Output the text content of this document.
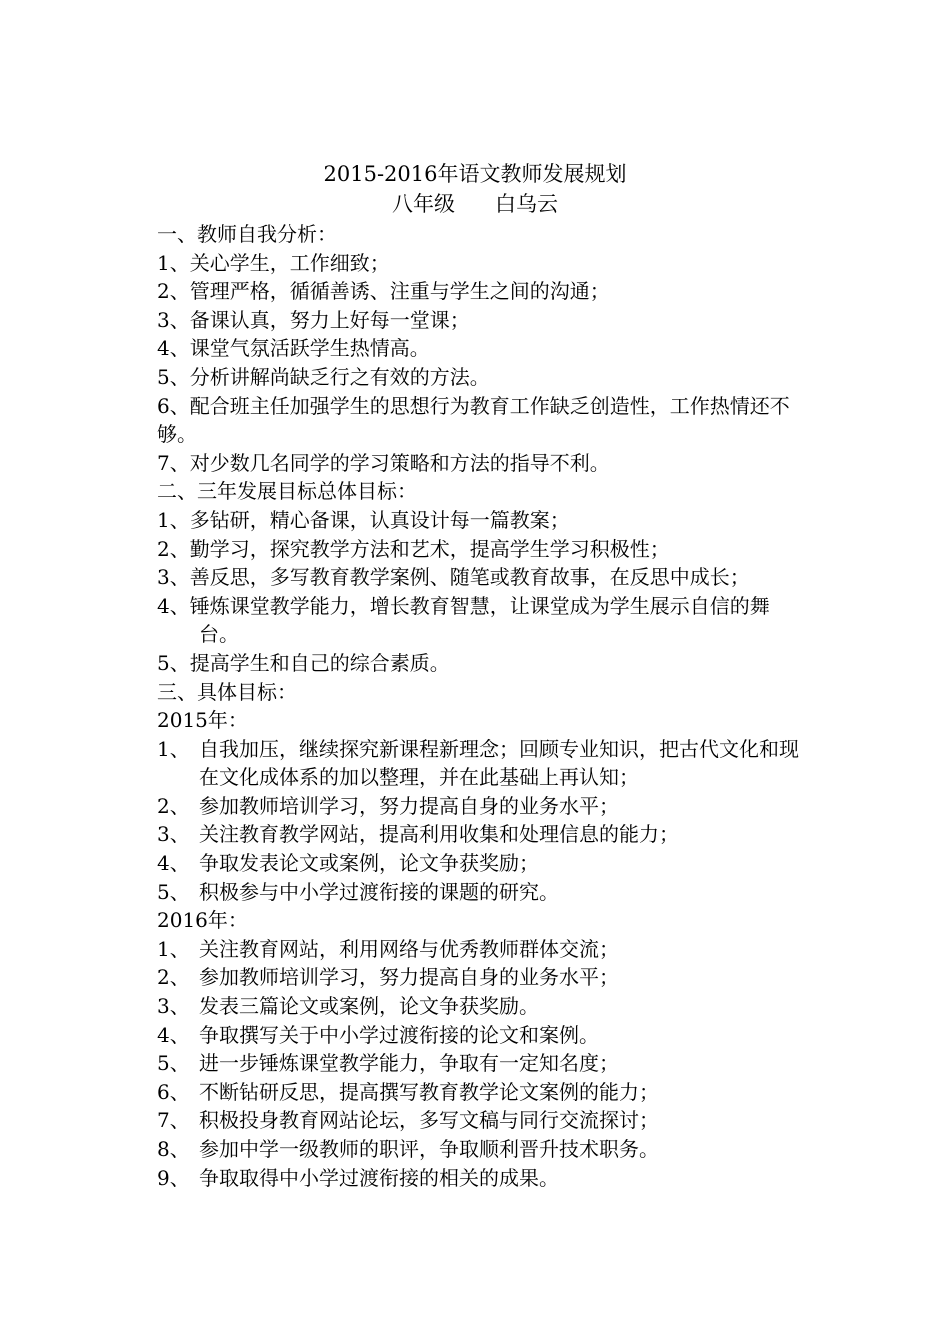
2015-2016年语文教师发展规划
八年级 白乌云
一、教师自我分析：
1、关心学生，工作细致；
2、管理严格，循循善诱、注重与学生之间的沟通；
3、备课认真，努力上好每一堂课；
4、课堂气氛活跃学生热情高。
5、分析讲解尚缺乏行之有效的方法。
6、配合班主任加强学生的思想行为教育工作缺乏创造性，工作热情还不够。
7、对少数几名同学的学习策略和方法的指导不利。
二、三年发展目标总体目标：
1、多钻研，精心备课，认真设计每一篇教案；
2、勤学习，探究教学方法和艺术，提高学生学习积极性；
3、善反思，多写教育教学案例、随笔或教育故事，在反思中成长；
4、锤炼课堂教学能力，增长教育智慧，让课堂成为学生展示自信的舞台。
5、提高学生和自己的综合素质。
三、具体目标：
2015年：
1、 自我加压，继续探究新课程新理念；回顾专业知识，把古代文化和现在文化成体系的加以整理，并在此基础上再认知；
2、 参加教师培训学习，努力提高自身的业务水平；
3、 关注教育教学网站，提高利用收集和处理信息的能力；
4、 争取发表论文或案例，论文争获奖励；
5、 积极参与中小学过渡衔接的课题的研究。
2016年：
1、 关注教育网站，利用网络与优秀教师群体交流；
2、 参加教师培训学习，努力提高自身的业务水平；
3、 发表三篇论文或案例，论文争获奖励。
4、 争取撰写关于中小学过渡衔接的论文和案例。
5、 进一步锤炼课堂教学能力，争取有一定知名度；
6、 不断钻研反思，提高撰写教育教学论文案例的能力；
7、 积极投身教育网站论坛，多写文稿与同行交流探讨；
8、 参加中学一级教师的职评，争取顺利晋升技术职务。
9、 争取取得中小学过渡衔接的相关的成果。
